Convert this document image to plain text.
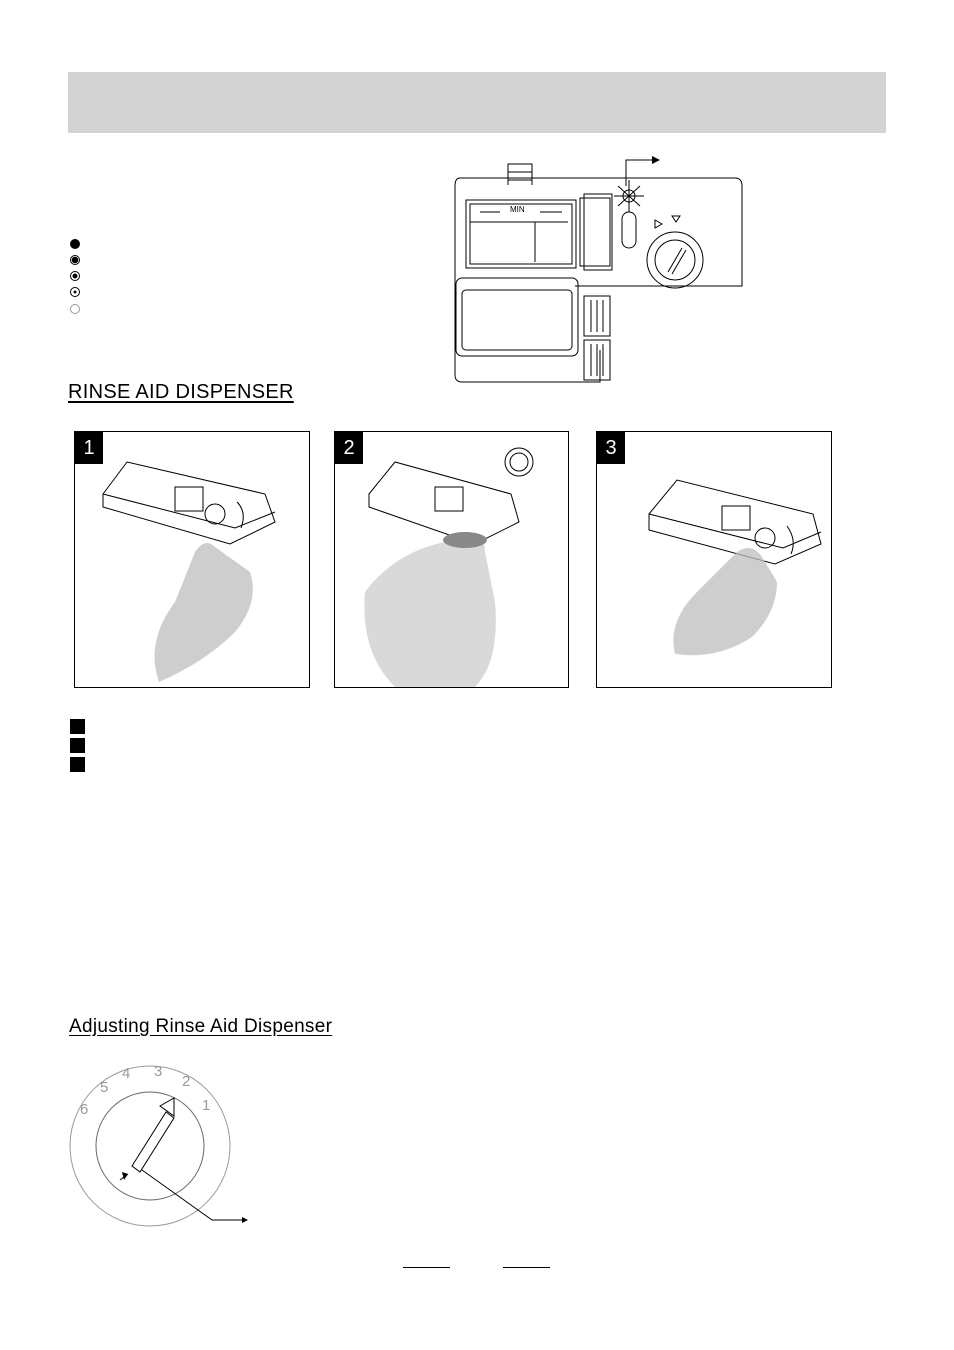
MIN
RINSE AID DISPENSER
1	2	3
Adjusting Rinse Aid Dispenser
6
5
4 3
2
1
